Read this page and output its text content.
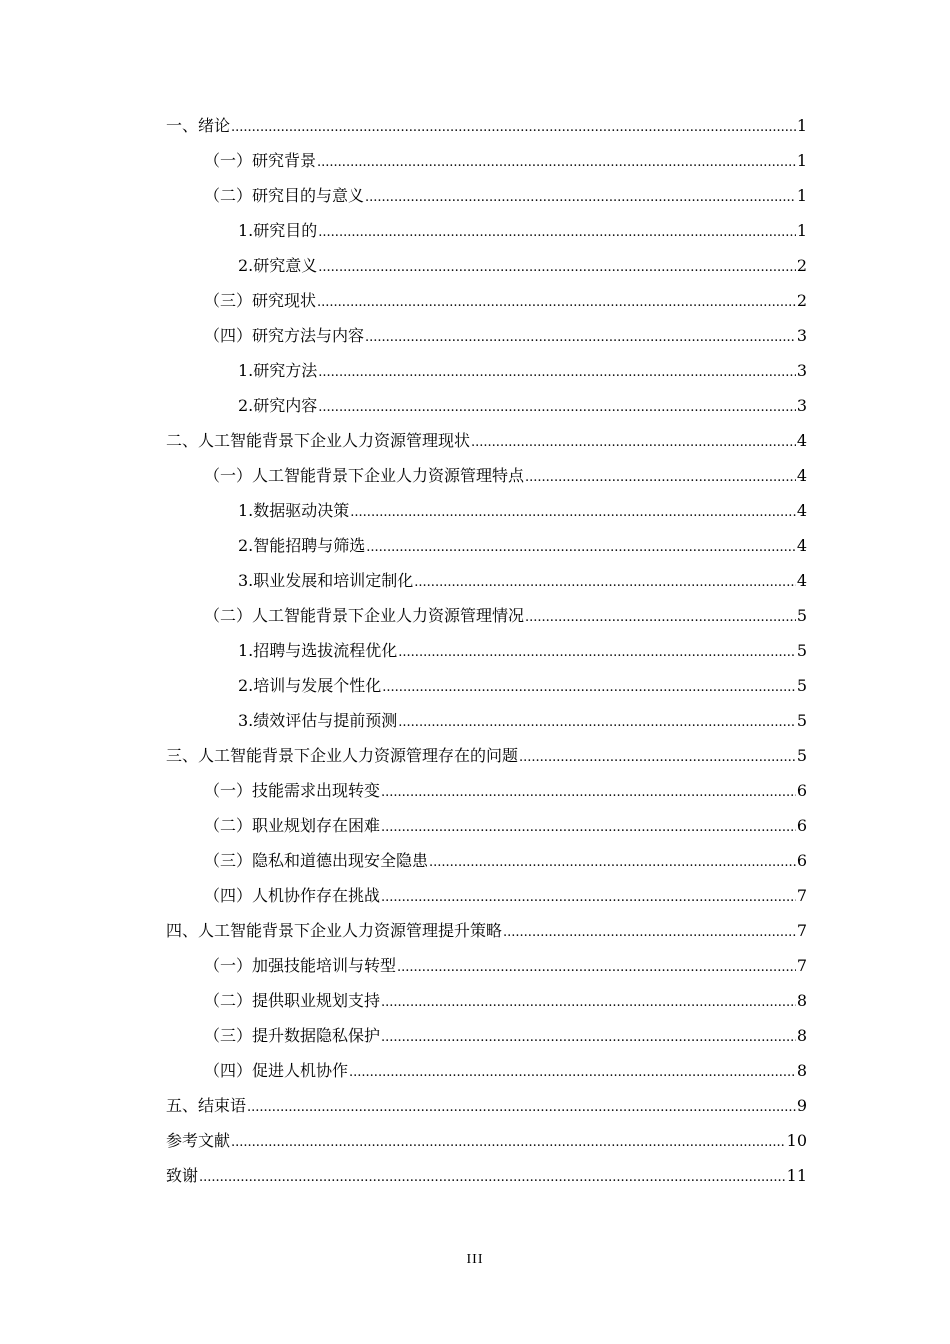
一、绪论 .....	1
（一）研究背景 .....	1
（二）研究目的与意义 .....	1
1.研究目的 .....	1
2.研究意义 .....	2
（三）研究现状 .....	2
（四）研究方法与内容 .....	3
1.研究方法 .....	3
2.研究内容 .....	3
二、人工智能背景下企业人力资源管理现状 .....	4
（一）人工智能背景下企业人力资源管理特点 .....	4
1.数据驱动决策 .....	4
2.智能招聘与筛选 .....	4
3.职业发展和培训定制化 .....	4
（二）人工智能背景下企业人力资源管理情况 .....	5
1.招聘与选拔流程优化 .....	5
2.培训与发展个性化 .....	5
3.绩效评估与提前预测 .....	5
三、人工智能背景下企业人力资源管理存在的问题 .....	5
（一）技能需求出现转变 .....	6
（二）职业规划存在困难 .....	6
（三）隐私和道德出现安全隐患 .....	6
（四）人机协作存在挑战 .....	7
四、人工智能背景下企业人力资源管理提升策略 .....	7
（一）加强技能培训与转型 .....	7
（二）提供职业规划支持 .....	8
（三）提升数据隐私保护 .....	8
（四）促进人机协作 .....	8
五、结束语 .....	9
参考文献 .....	10
致谢 .....	11
III
